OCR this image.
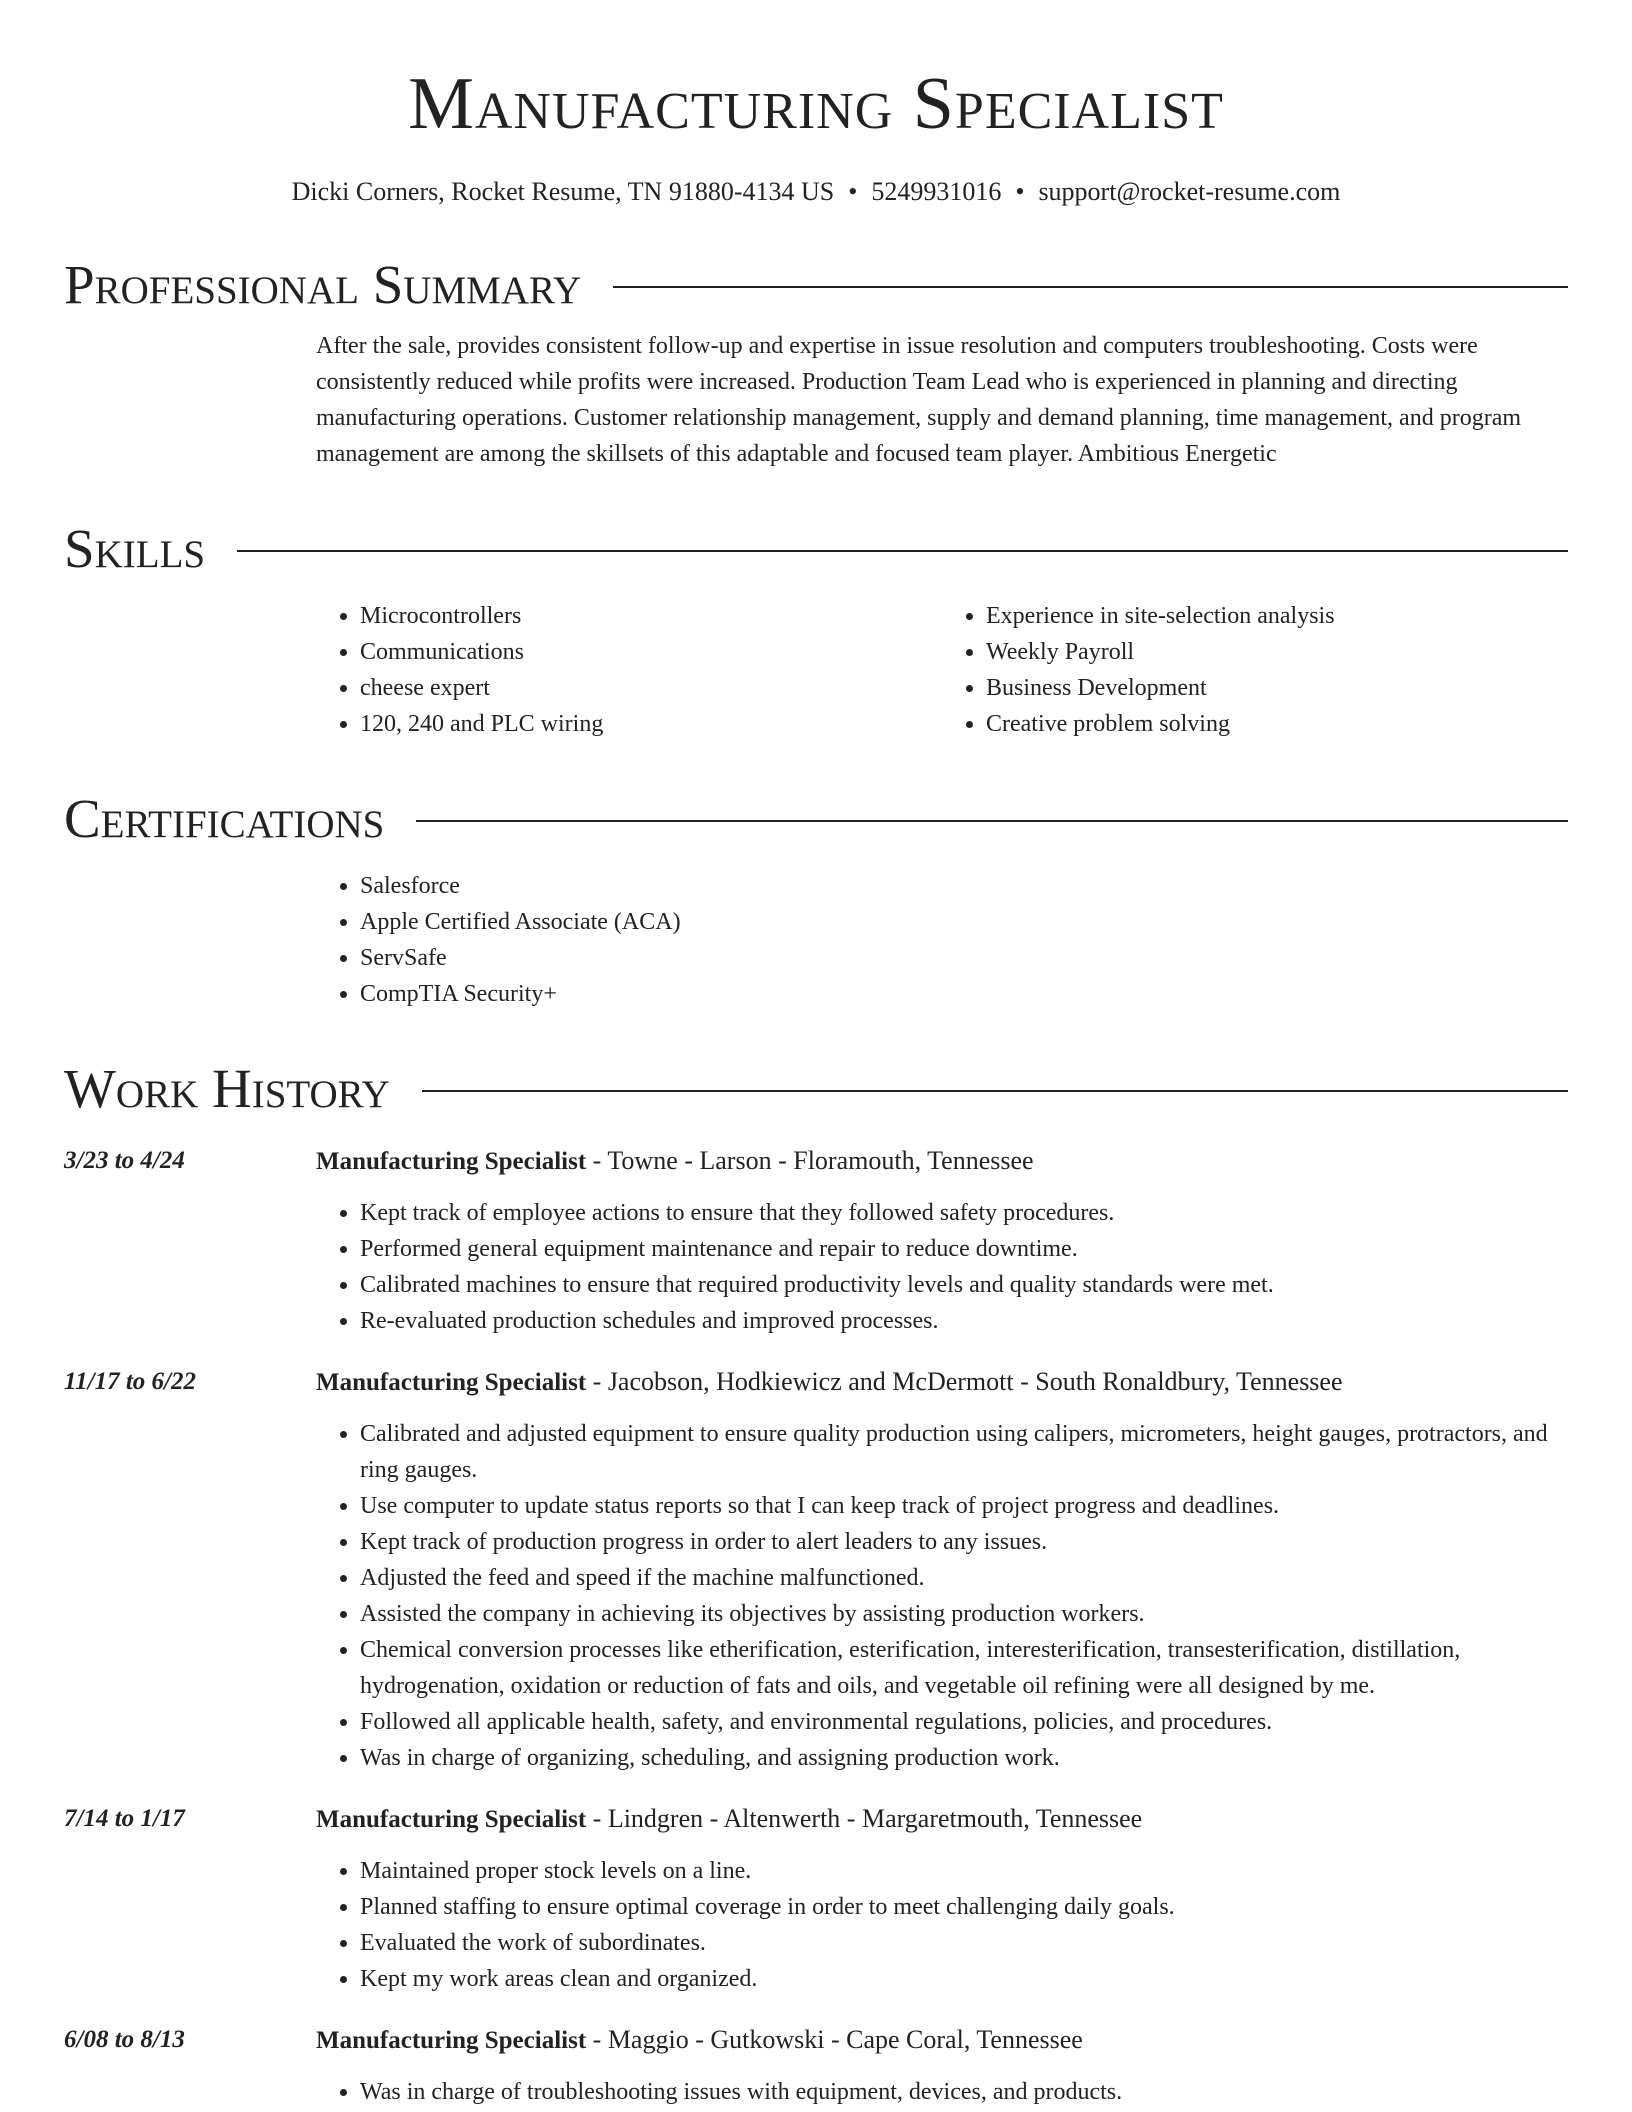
Manufacturing Specialist
Dicki Corners, Rocket Resume, TN 91880-4134 US • 5249931016 • support@rocket-resume.com
Professional Summary

After the sale, provides consistent follow-up and expertise in issue resolution and computers troubleshooting. Costs were consistently reduced while profits were increased. Production Team Lead who is experienced in planning and directing manufacturing operations. Customer relationship management, supply and demand planning, time management, and program management are among the skillsets of this adaptable and focused team player. Ambitious Energetic

Skills
• Microcontrollers
• Communications
• cheese expert
• 120, 240 and PLC wiring
• Experience in site-selection analysis
• Weekly Payroll
• Business Development
• Creative problem solving
Certifications
• Salesforce
• Apple Certified Associate (ACA)
• ServSafe
• CompTIA Security+
Work History
3/23 to 4/24	Manufacturing Specialist - Towne - Larson - Floramouth, Tennessee
• Kept track of employee actions to ensure that they followed safety procedures.
• Performed general equipment maintenance and repair to reduce downtime.
• Calibrated machines to ensure that required productivity levels and quality standards were met.
• Re-evaluated production schedules and improved processes.
11/17 to 6/22	Manufacturing Specialist - Jacobson, Hodkiewicz and McDermott - South Ronaldbury, Tennessee
• Calibrated and adjusted equipment to ensure quality production using calipers, micrometers, height gauges, protractors, and ring gauges.
• Use computer to update status reports so that I can keep track of project progress and deadlines.
• Kept track of production progress in order to alert leaders to any issues.
• Adjusted the feed and speed if the machine malfunctioned.
• Assisted the company in achieving its objectives by assisting production workers.
• Chemical conversion processes like etherification, esterification, interesterification, transesterification, distillation, hydrogenation, oxidation or reduction of fats and oils, and vegetable oil refining were all designed by me.
• Followed all applicable health, safety, and environmental regulations, policies, and procedures.
• Was in charge of organizing, scheduling, and assigning production work.
7/14 to 1/17	Manufacturing Specialist - Lindgren - Altenwerth - Margaretmouth, Tennessee
• Maintained proper stock levels on a line.
• Planned staffing to ensure optimal coverage in order to meet challenging daily goals.
• Evaluated the work of subordinates.
• Kept my work areas clean and organized.
6/08 to 8/13	Manufacturing Specialist - Maggio - Gutkowski - Cape Coral, Tennessee
• Was in charge of troubleshooting issues with equipment, devices, and products.
